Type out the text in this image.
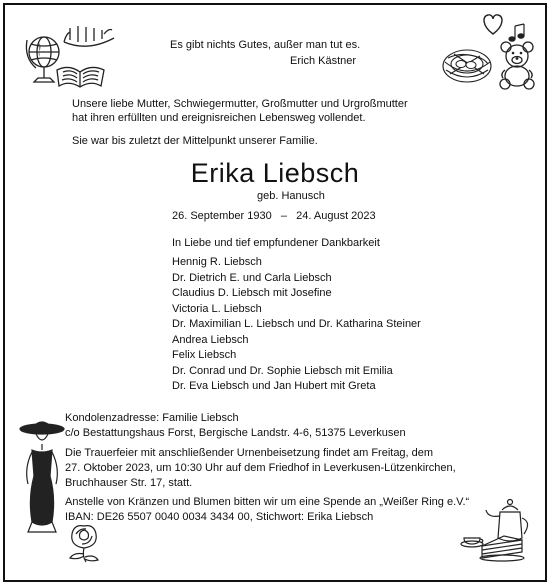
Es gibt nichts Gutes, außer man tut es.
Erich Kästner
Unsere liebe Mutter, Schwiegermutter, Großmutter und Urgroßmutter
hat ihren erfüllten und ereignisreichen Lebensweg vollendet.
Sie war bis zuletzt der Mittelpunkt unserer Familie.
Erika Liebsch
geb. Hanusch
26. September 1930   –   24. August 2023
In Liebe und tief empfundener Dankbarkeit
Hennig R. Liebsch
Dr. Dietrich E. und Carla Liebsch
Claudius D. Liebsch mit Josefine
Victoria L. Liebsch
Dr. Maximilian L. Liebsch und Dr. Katharina Steiner
Andrea Liebsch
Felix Liebsch
Dr. Conrad und Dr. Sophie Liebsch mit Emilia
Dr. Eva Liebsch und Jan Hubert mit Greta
Kondolenzadresse: Familie Liebsch
c/o Bestattungshaus Forst, Bergische Landstr. 4-6, 51375 Leverkusen
Die Trauerfeier mit anschließender Urnenbeisetzung findet am Freitag, dem
27. Oktober 2023, um 10:30 Uhr auf dem Friedhof in Leverkusen-Lützenkirchen,
Bruchhauser Str. 17, statt.
Anstelle von Kränzen und Blumen bitten wir um eine Spende an „Weißer Ring e.V.“
IBAN: DE26 5507 0040 0034 3434 00, Stichwort: Erika Liebsch
